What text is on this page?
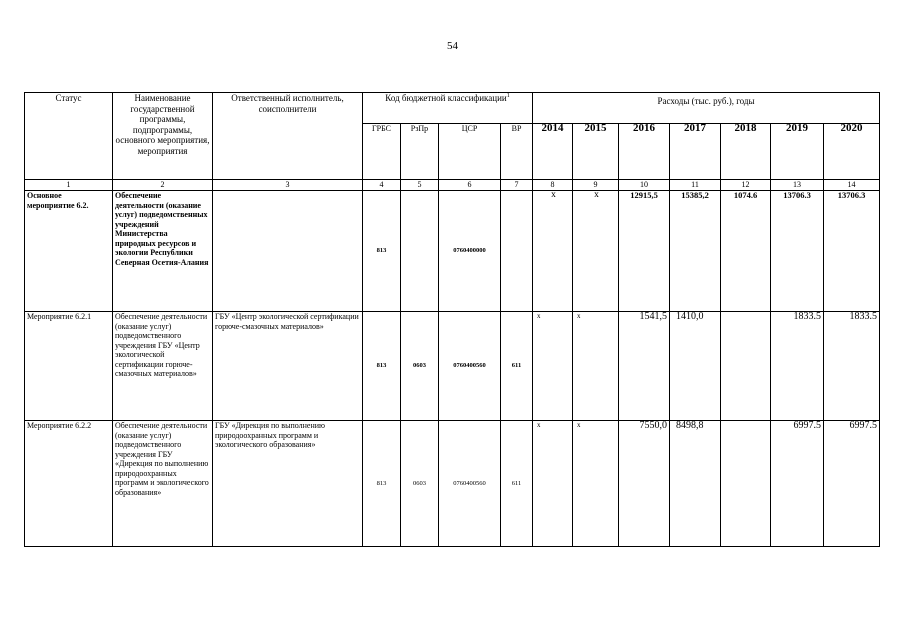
54
Статус	Наименование государственной программы, подпрограммы, основного мероприятия, мероприятия	Ответственный исполнитель, соисполнители	Код бюджетной классификации$^1$				Расходы (тыс. руб.), годы						
			ГРБС	РзПр	ЦСР	ВР	2014	2015	2016	2017	2018	2019	2020
1	2	3	4	5	6	7	8	9	10	11	12	13	14
Основное мероприятие 6.2.	Обеспечение деятельности (оказание услуг) подведомственных учреждений Министерства природных ресурсов и экологии Республики Северная Осетия-Алания		813		0760400000		x	x	12915,5	15385,2	1074.6	13706.3	13706.3
Мероприятие 6.2.1	Обеспечение деятельности (оказание услуг) подведомственного учреждения ГБУ «Центр экологической сертификации горюче-смазочных материалов»	ГБУ «Центр экологической сертификации горюче-смазочных материалов»	813	0603	0760400560	611	x	x	1541,5	1410,0		1833.5	1833.5
Мероприятие 6.2.2	Обеспечение деятельности (оказание услуг) подведомственного учреждения ГБУ «Дирекция по выполнению природоохранных программ и экологического образования»	ГБУ «Дирекция по выполнению природоохранных программ и экологического образования»	813	0603	0760400560	611	x	x	7550,0	8498,8		6997.5	6997.5
